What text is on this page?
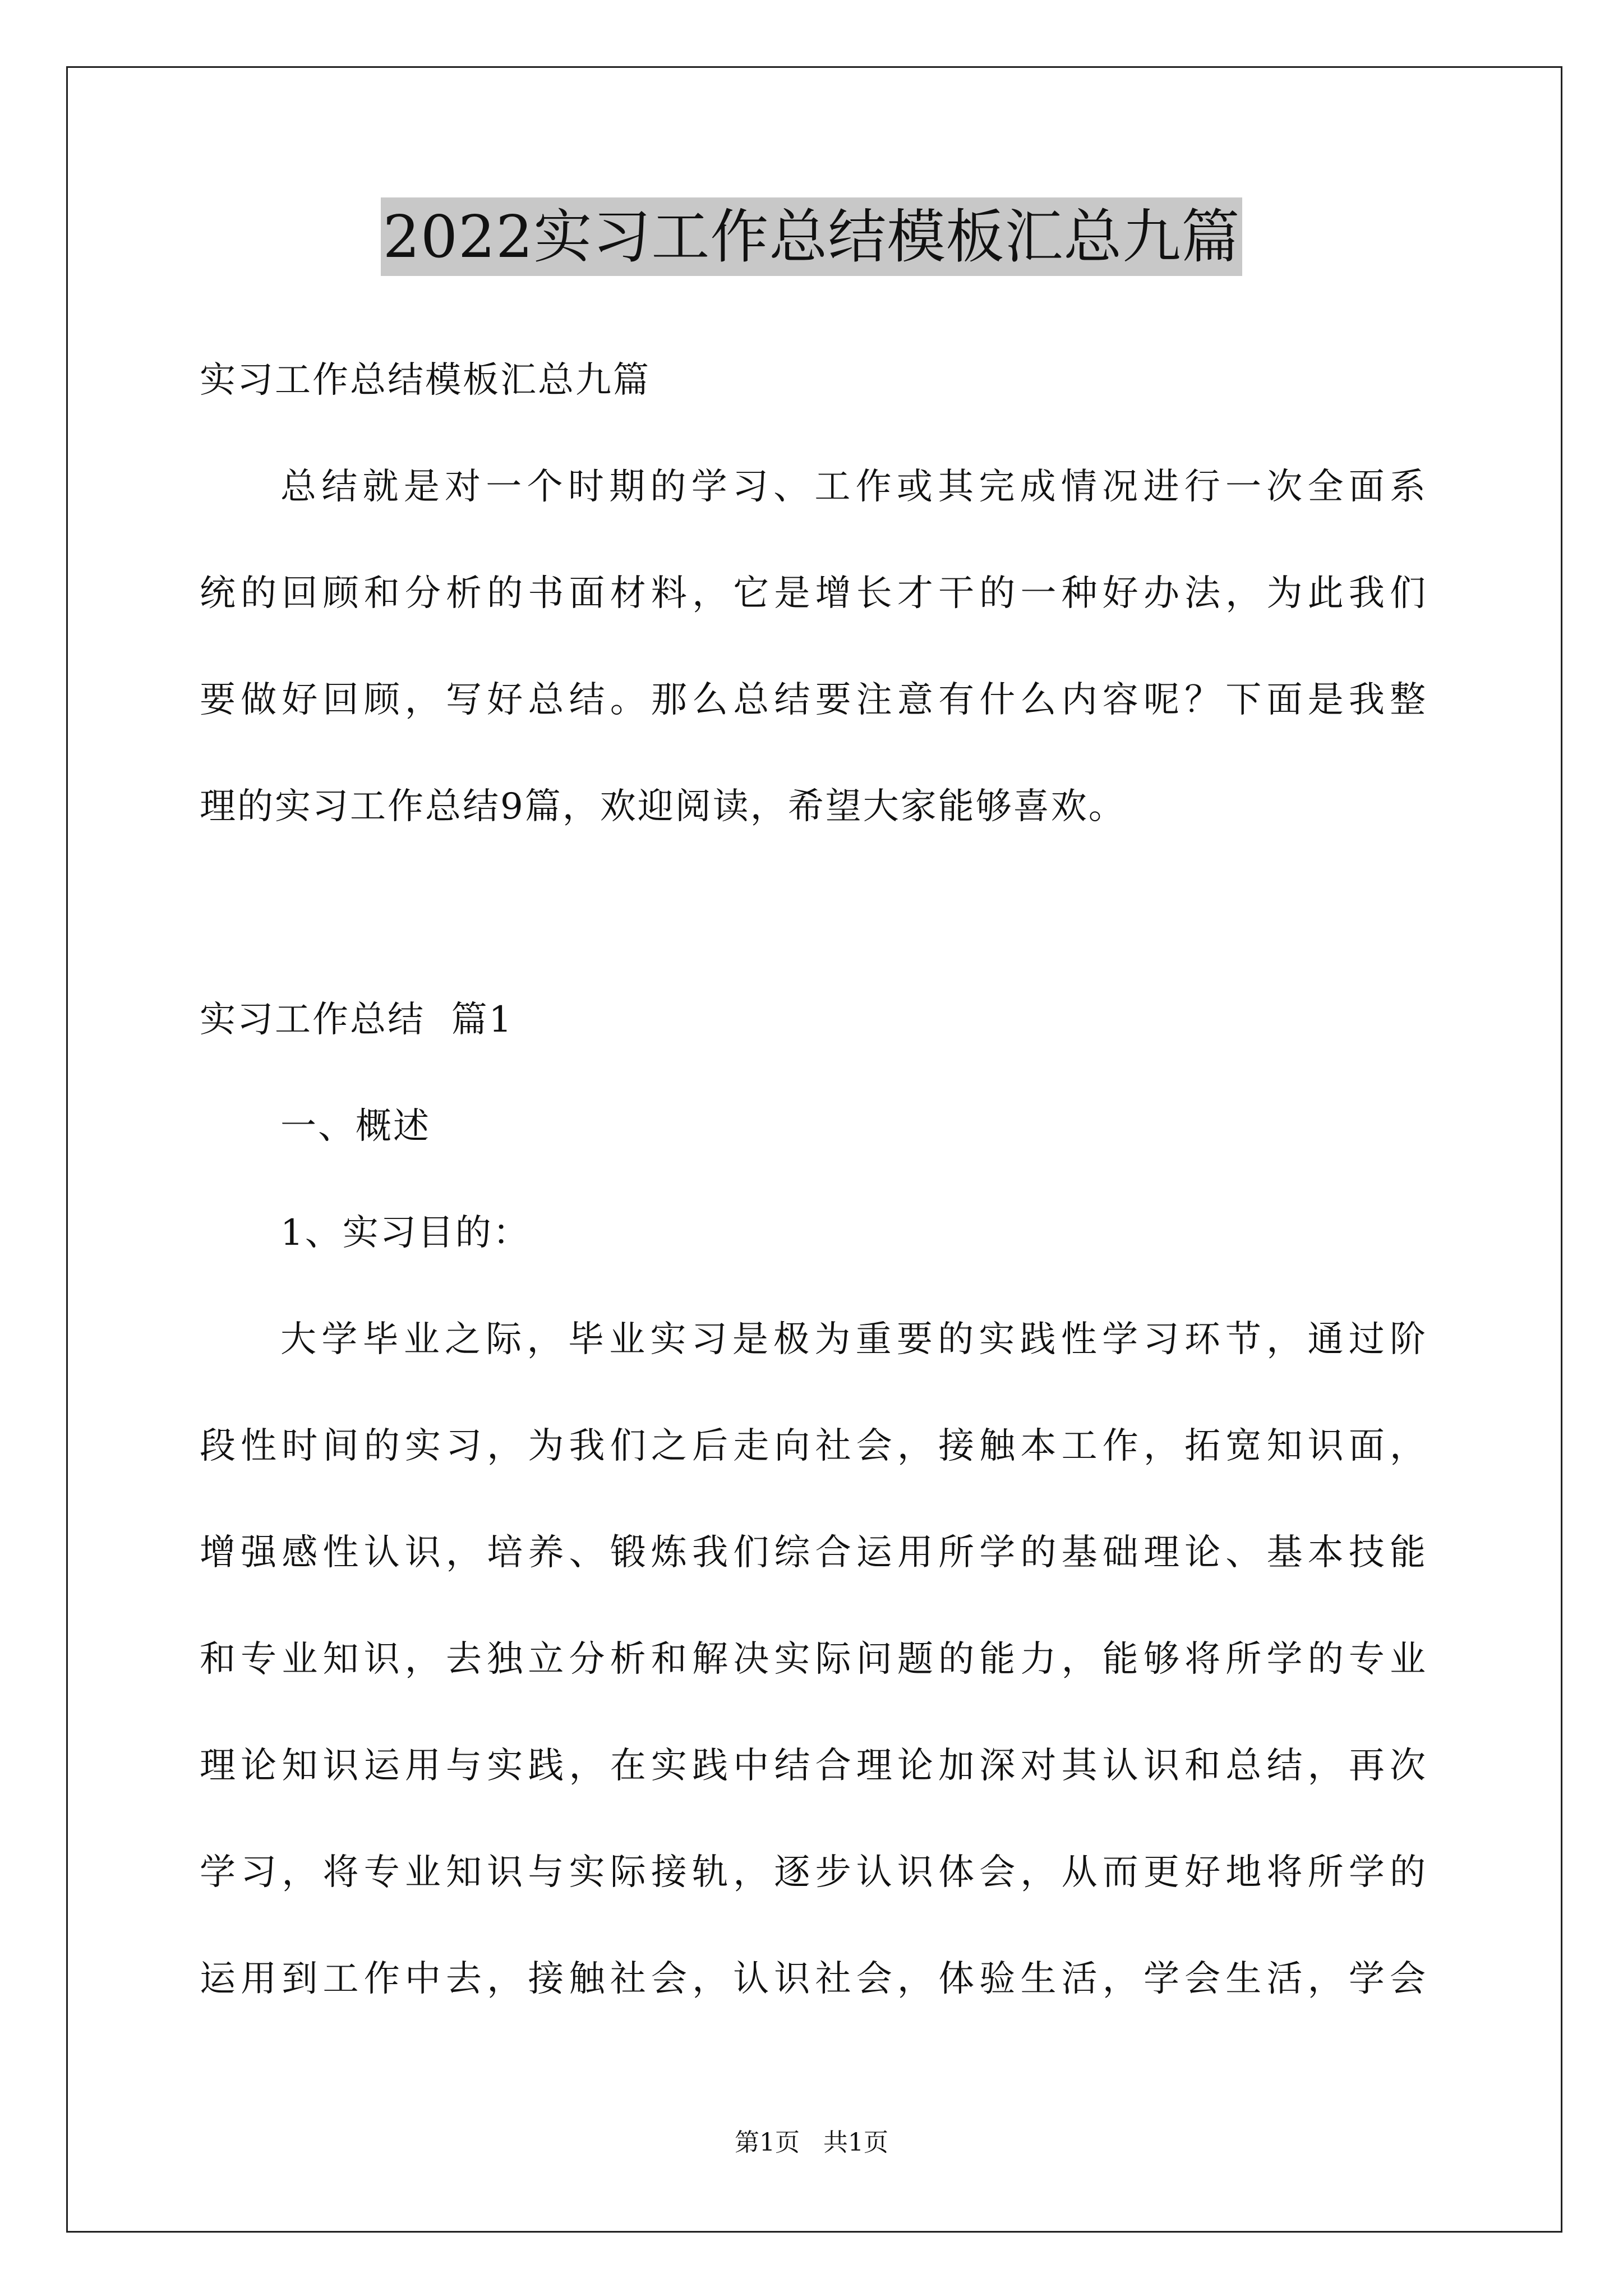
2022实习工作总结模板汇总九篇
实习工作总结模板汇总九篇
总结就是对一个时期的学习、工作或其完成情况进行一次全面系
统的回顾和分析的书面材料，它是增长才干的一种好办法，为此我们
要做好回顾，写好总结。那么总结要注意有什么内容呢？下面是我整
理的实习工作总结9篇，欢迎阅读，希望大家能够喜欢。
实习工作总结  篇1
一、概述
1、实习目的：
大学毕业之际，毕业实习是极为重要的实践性学习环节，通过阶
段性时间的实习，为我们之后走向社会，接触本工作，拓宽知识面，
增强感性认识，培养、锻炼我们综合运用所学的基础理论、基本技能
和专业知识，去独立分析和解决实际问题的能力，能够将所学的专业
理论知识运用与实践，在实践中结合理论加深对其认识和总结，再次
学习，将专业知识与实际接轨，逐步认识体会，从而更好地将所学的
运用到工作中去，接触社会，认识社会，体验生活，学会生活，学会
第1页   共1页
